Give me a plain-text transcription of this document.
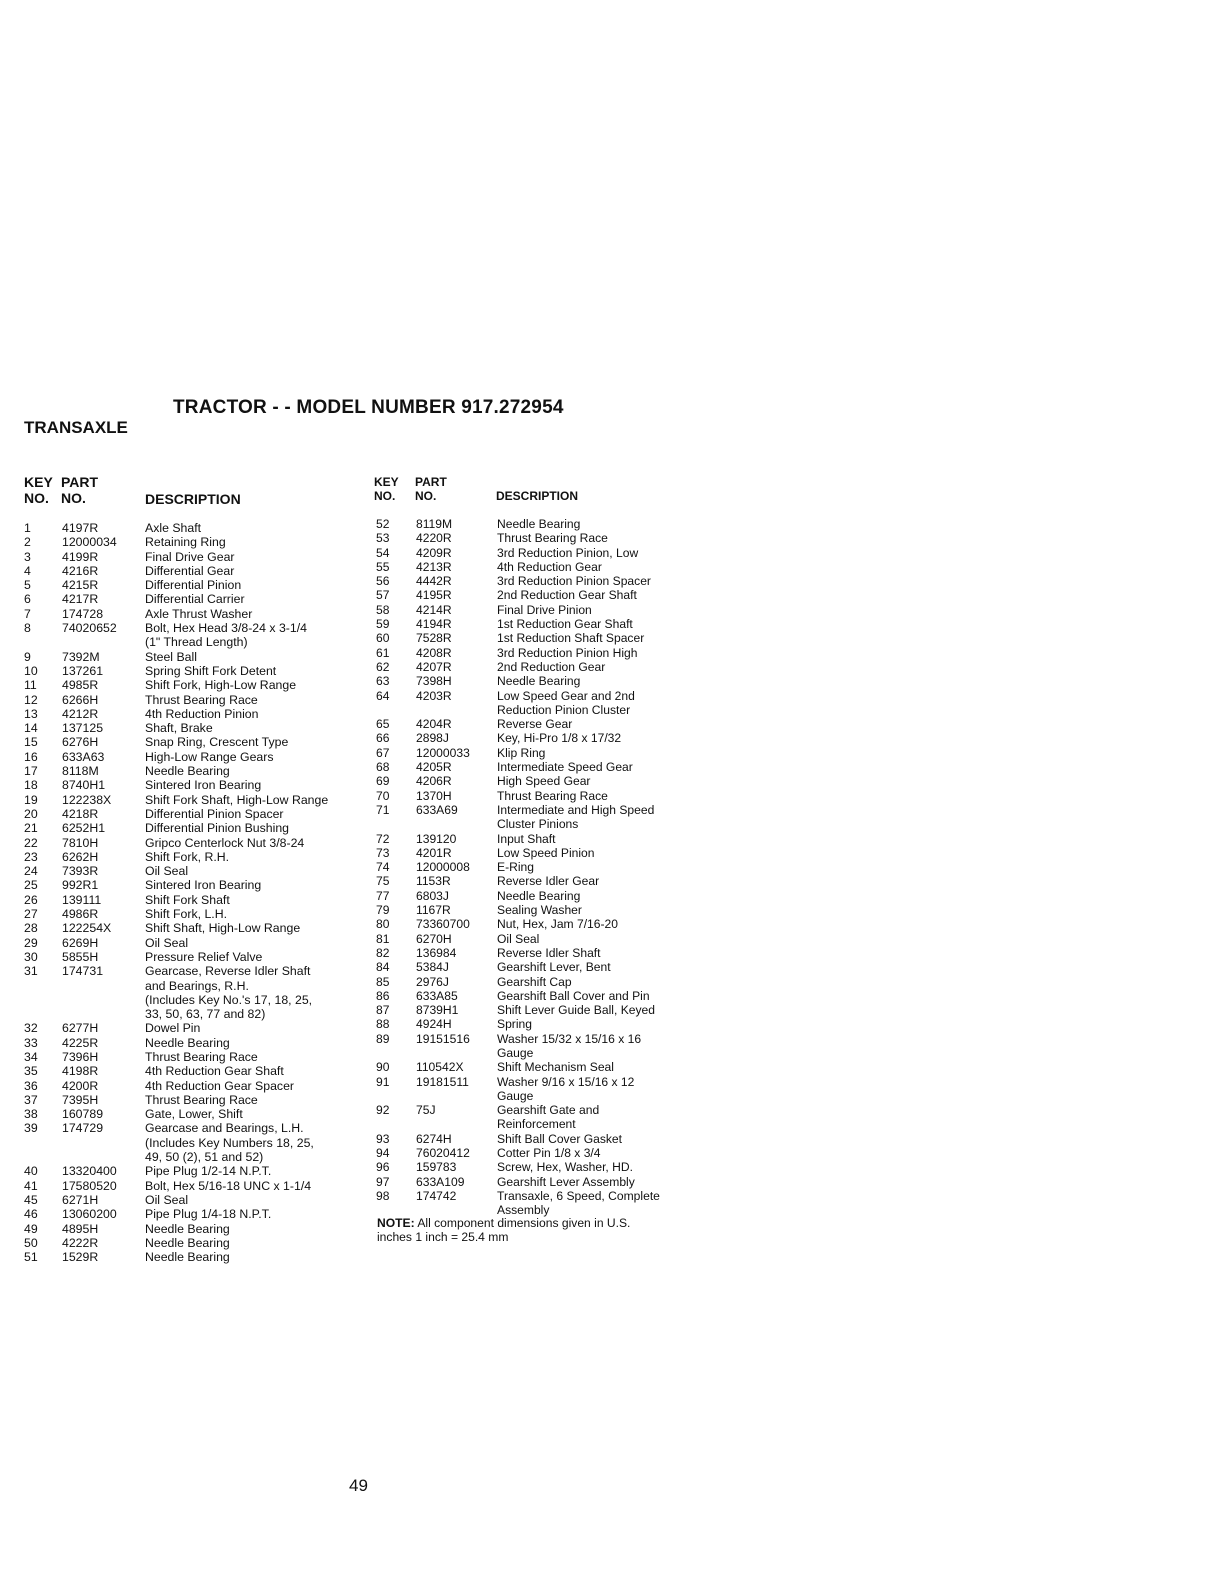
TRACTOR - - MODEL NUMBER 917.272954
TRANSAXLE
KEY
NO.
PART
NO.	DESCRIPTION
1	4197R	Axle Shaft
2	12000034 Retaining Ring
3	4199R	Final Drive Gear
4	4216R	Differential Gear
5	4215R	Differential Pinion
6	4217R	Differential Carrier
7	174728	Axle Thrust Washer
8	74020652 Bolt, Hex Head 3/8-24 x 3-1/4
(1" Thread Length)
9	7392M	Steel Ball
10 137261	Spring Shift Fork Detent
11 4985R	Shift Fork, High-Low Range
12 6266H	Thrust Bearing Race
13 4212R	4th Reduction Pinion
14 137125	Shaft, Brake
15 6276H	Snap Ring, Crescent Type
16 633A63	High-Low Range Gears
17 8118M	Needle Bearing
18 8740H1	Sintered Iron Bearing
19 122238X	Shift Fork Shaft, High-Low Range
20 4218R	Differential Pinion Spacer
21 6252H1	Differential Pinion Bushing
22 7810H	Gripco Centerlock Nut 3/8-24
23 6262H	Shift Fork, R.H.
24 7393R	Oil Seal
25 992R1	Sintered Iron Bearing
26 139111	Shift Fork Shaft
27 4986R	Shift Fork, L.H.
28 122254X	Shift Shaft, High-Low Range
29 6269H	Oil Seal
30 5855H	Pressure Relief Valve
31 174731	Gearcase, Reverse Idler Shaft
and Bearings, R.H.
(Includes Key No.'s 17, 18, 25,
33, 50, 63, 77 and 82)
32 6277H	Dowel Pin
33 4225R	Needle Bearing
34 7396H	Thrust Bearing Race
35 4198R	4th Reduction Gear Shaft
36 4200R	4th Reduction Gear Spacer
37 7395H	Thrust Bearing Race
38 160789	Gate, Lower, Shift
39 174729	Gearcase and Bearings, L.H.
(Includes Key Numbers 18, 25,
49, 50 (2), 51 and 52)
40 13320400 Pipe Plug 1/2-14 N.P.T.
41 17580520 Bolt, Hex 5/16-18 UNC x 1-1/4
45 6271H	Oil Seal
46 13060200 Pipe Plug 1/4-18 N.P.T.
49 4895H	Needle Bearing
50 4222R	Needle Bearing
51 1529R	Needle Bearing
KEY
NO.
PART
NO.	DESCRIPTION
52 8119M	Needle Bearing
53 4220R	Thrust Bearing Race
54 4209R	3rd Reduction Pinion, Low
55 4213R	4th Reduction Gear
56 4442R	3rd Reduction Pinion Spacer
57 4195R	2nd Reduction Gear Shaft
58 4214R	Final Drive Pinion
59 4194R	1st Reduction Gear Shaft
60 7528R	1st Reduction Shaft Spacer
61 4208R	3rd Reduction Pinion High
62 4207R	2nd Reduction Gear
63 7398H	Needle Bearing
64 4203R	Low Speed Gear and 2nd
Reduction Pinion Cluster
65 4204R	Reverse Gear
66 2898J	Key, Hi-Pro 1/8 x 17/32
67 12000033 Klip Ring
68 4205R	Intermediate Speed Gear
69 4206R	High Speed Gear
70 1370H	Thrust Bearing Race
71 633A69	Intermediate and High Speed
Cluster Pinions
72 139120	Input Shaft
73 4201R	Low Speed Pinion
74 12000008 E-Ring
75 1153R	Reverse Idler Gear
77 6803J	Needle Bearing
79 1167R	Sealing Washer
80 73360700 Nut, Hex, Jam 7/16-20
81 6270H	Oil Seal
82 136984	Reverse Idler Shaft
84 5384J	Gearshift Lever, Bent
85 2976J	Gearshift Cap
86 633A85	Gearshift Ball Cover and Pin
87 8739H1	Shift Lever Guide Ball, Keyed
88 4924H	Spring
89 19151516 Washer 15/32 x 15/16 x 16
Gauge
90 110542X	Shift Mechanism Seal
91 19181511 Washer 9/16 x 15/16 x 12
Gauge
92 75J	Gearshift Gate and
Reinforcement
93 6274H	Shift Ball Cover Gasket
94 76020412 Cotter Pin 1/8 x 3/4
96 159783	Screw, Hex, Washer, HD.
97 633A109	Gearshift Lever Assembly
98 174742	Transaxle, 6 Speed, Complete
Assembly
NOTE: All component dimensions given in U.S.
inches 1 inch = 25.4 mm
49
